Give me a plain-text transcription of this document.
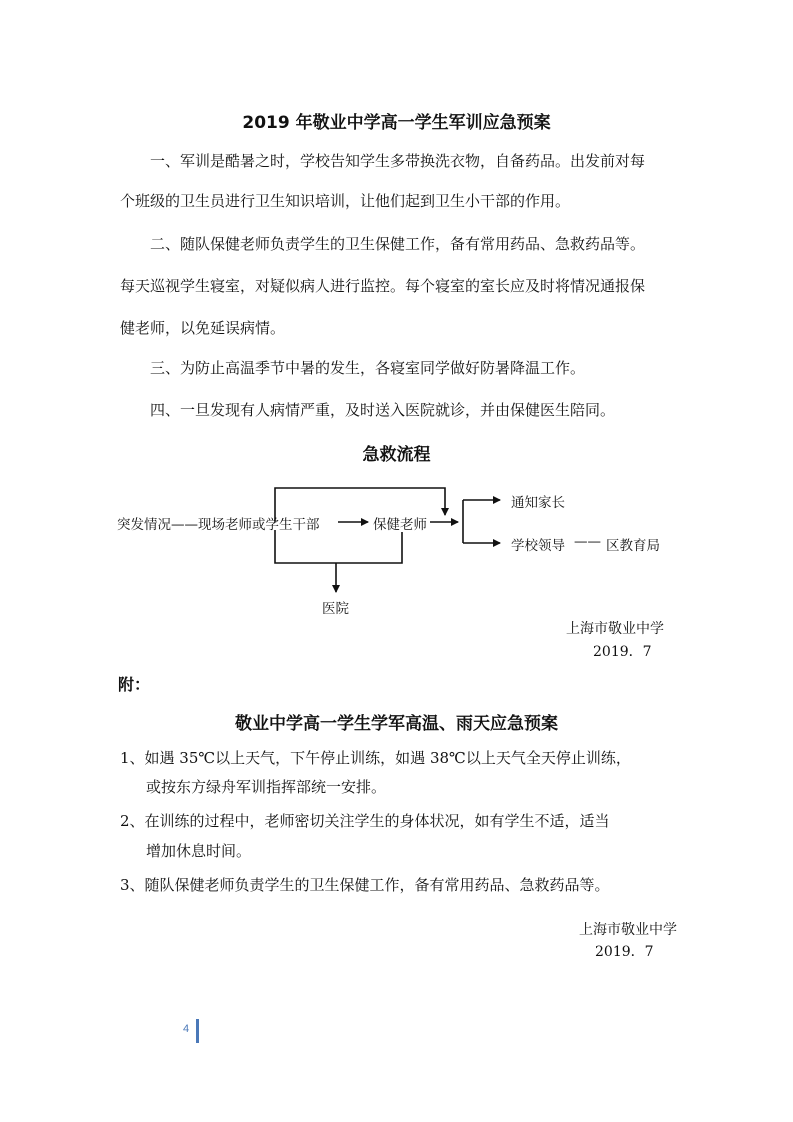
2019 年敬业中学高一学生军训应急预案
一、军训是酷暑之时，学校告知学生多带换洗衣物，自备药品。出发前对每
个班级的卫生员进行卫生知识培训，让他们起到卫生小干部的作用。
二、随队保健老师负责学生的卫生保健工作，备有常用药品、急救药品等。
每天巡视学生寝室，对疑似病人进行监控。每个寝室的室长应及时将情况通报保
健老师，以免延误病情。
三、为防止高温季节中暑的发生，各寝室同学做好防暑降温工作。
四、一旦发现有人病情严重，及时送入医院就诊，并由保健医生陪同。
急救流程
突发情况——现场老师或学生干部	保健老师
通知家长
学校领导 —— 区教育局
医院
上海市敬业中学
2019．7
附：
敬业中学高一学生学军高温、雨天应急预案
1、如遇 35℃以上天气，下午停止训练，如遇 38℃以上天气全天停止训练，
或按东方绿舟军训指挥部统一安排。
2、在训练的过程中，老师密切关注学生的身体状况，如有学生不适，适当
增加休息时间。
3、随队保健老师负责学生的卫生保健工作，备有常用药品、急救药品等。
上海市敬业中学
2019．7
4
